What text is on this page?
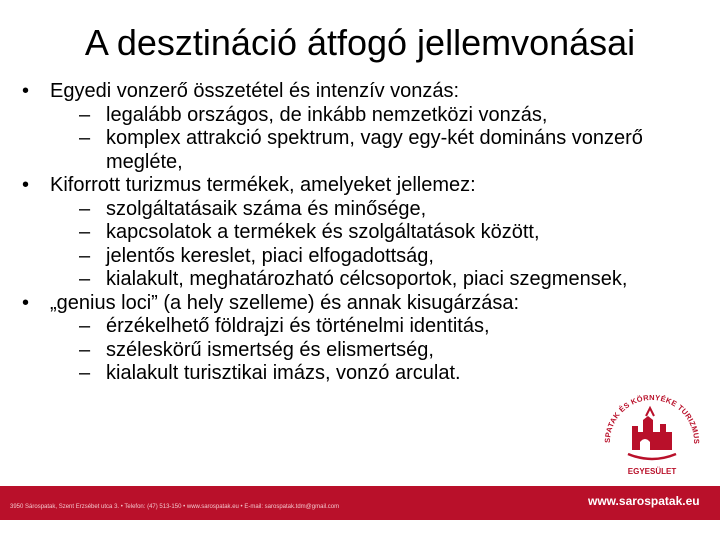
A desztináció átfogó jellemvonásai
3950 Sárospatak, Szent Erzsébet utca 3. • Telefon: (47) 513-150 • www.sarospatak.eu • E-mail: sarospatak.tdm@gmail.com	www.sarospatak.eu
SPATAK ÉS KÖRNYÉKE TURIZMUS
EGYESÜLET
•	Egyedi vonzerő összetétel és intenzív vonzás:
– legalább országos, de inkább nemzetközi vonzás,
– komplex attrakció spektrum, vagy egy-két domináns vonzerő megléte,
•	Kiforrott turizmus termékek, amelyeket jellemez:
– szolgáltatásaik száma és minősége,
– kapcsolatok a termékek és szolgáltatások között,
– jelentős kereslet, piaci elfogadottság,
– kialakult, meghatározható célcsoportok, piaci szegmensek,
•	„genius loci” (a hely szelleme) és annak kisugárzása:
– érzékelhető földrajzi és történelmi identitás,
– széleskörű ismertség és elismertség,
– kialakult turisztikai imázs, vonzó arculat.
